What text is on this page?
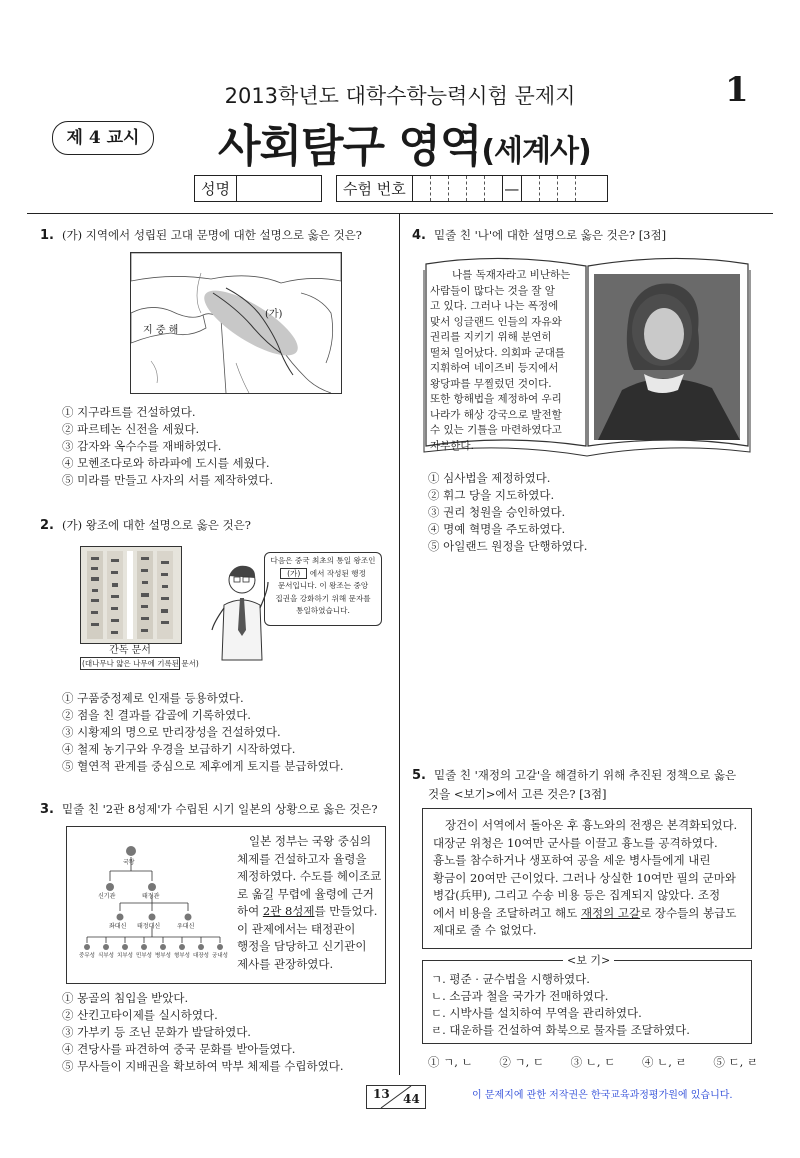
2013학년도 대학수학능력시험 문제지	1
제 4 교시	사회탐구 영역(세계사)
성명	수험 번호	—
1. (가) 지역에서 성립된 고대 문명에 대한 설명으로 옳은 것은?
지 중 해
(가)
① 지구라트를 건설하였다.
② 파르테논 신전을 세웠다.
③ 감자와 옥수수를 재배하였다.
④ 모헨조다로와 하라파에 도시를 세웠다.
⑤ 미라를 만들고 사자의 서를 제작하였다.
2. (가) 왕조에 대한 설명으로 옳은 것은?
간독 문서
(대나무나 얇은 나무에 기록된 문서)
다음은 중국 최초의 통일 왕조인
(가) 에서 작성된 행정
문서입니다. 이 왕조는 중앙
집권을 강화하기 위해 문자를
통일하였습니다.
① 구품중정제로 인재를 등용하였다.
② 점을 친 결과를 갑골에 기록하였다.
③ 시황제의 명으로 만리장성을 건설하였다.
④ 철제 농기구와 우경을 보급하기 시작하였다.
⑤ 혈연적 관계를 중심으로 제후에게 토지를 분급하였다.
3. 밑줄 친 '2관 8성제'가 수립된 시기 일본의 상황으로 옳은 것은?
국왕
신기관	태정관
좌대신 태정대신	우대신
중무성 식부성 치부성 민부성 병부성 형부성 대장성 궁내성
일본 정부는 국왕 중심의
체제를 건설하고자 율령을
제정하였다. 수도를 헤이조쿄
로 옮길 무렵에 율령에 근거
하여 2관 8성제를 만들었다.
이 관제에서는 태정관이
행정을 담당하고 신기관이
제사를 관장하였다.
① 몽골의 침입을 받았다.
② 산킨고타이제를 실시하였다.
③ 가부키 등 조닌 문화가 발달하였다.
④ 견당사를 파견하여 중국 문화를 받아들였다.
⑤ 무사들이 지배권을 확보하여 막부 체제를 수립하였다.
4. 밑줄 친 '나'에 대한 설명으로 옳은 것은? [3점]
나를 독재자라고 비난하는
사람들이 많다는 것을 잘 알
고 있다. 그러나 나는 폭정에
맞서 잉글랜드 인들의 자유와
권리를 지키기 위해 분연히
떨쳐 일어났다. 의회파 군대를
지휘하여 네이즈비 등지에서
왕당파를 무찔렀던 것이다.
또한 항해법을 제정하여 우리
나라가 해상 강국으로 발전할
수 있는 기틀을 마련하였다고
자부한다.
① 심사법을 제정하였다.
② 휘그 당을 지도하였다.
③ 권리 청원을 승인하였다.
④ 명예 혁명을 주도하였다.
⑤ 아일랜드 원정을 단행하였다.
5. 밑줄 친 '재정의 고갈'을 해결하기 위해 추진된 정책으로 옳은
것을 <보기>에서 고른 것은? [3점]
장건이 서역에서 돌아온 후 흉노와의 전쟁은 본격화되었다.
대장군 위청은 10여만 군사를 이끌고 흉노를 공격하였다.
흉노를 참수하거나 생포하여 공을 세운 병사들에게 내린
황금이 20여만 근이었다. 그러나 상실한 10여만 필의 군마와
병갑(兵甲), 그리고 수송 비용 등은 집계되지 않았다. 조정
에서 비용을 조달하려고 해도 재정의 고갈로 장수들의 봉급도
제대로 줄 수 없었다.
<보 기>
ㄱ. 평준 · 균수법을 시행하였다.
ㄴ. 소금과 철을 국가가 전매하였다.
ㄷ. 시박사를 설치하여 무역을 관리하였다.
ㄹ. 대운하를 건설하여 화북으로 물자를 조달하였다.
① ㄱ, ㄴ ② ㄱ, ㄷ ③ ㄴ, ㄷ ④ ㄴ, ㄹ ⑤ ㄷ, ㄹ
13 44	이 문제지에 관한 저작권은 한국교육과정평가원에 있습니다.
